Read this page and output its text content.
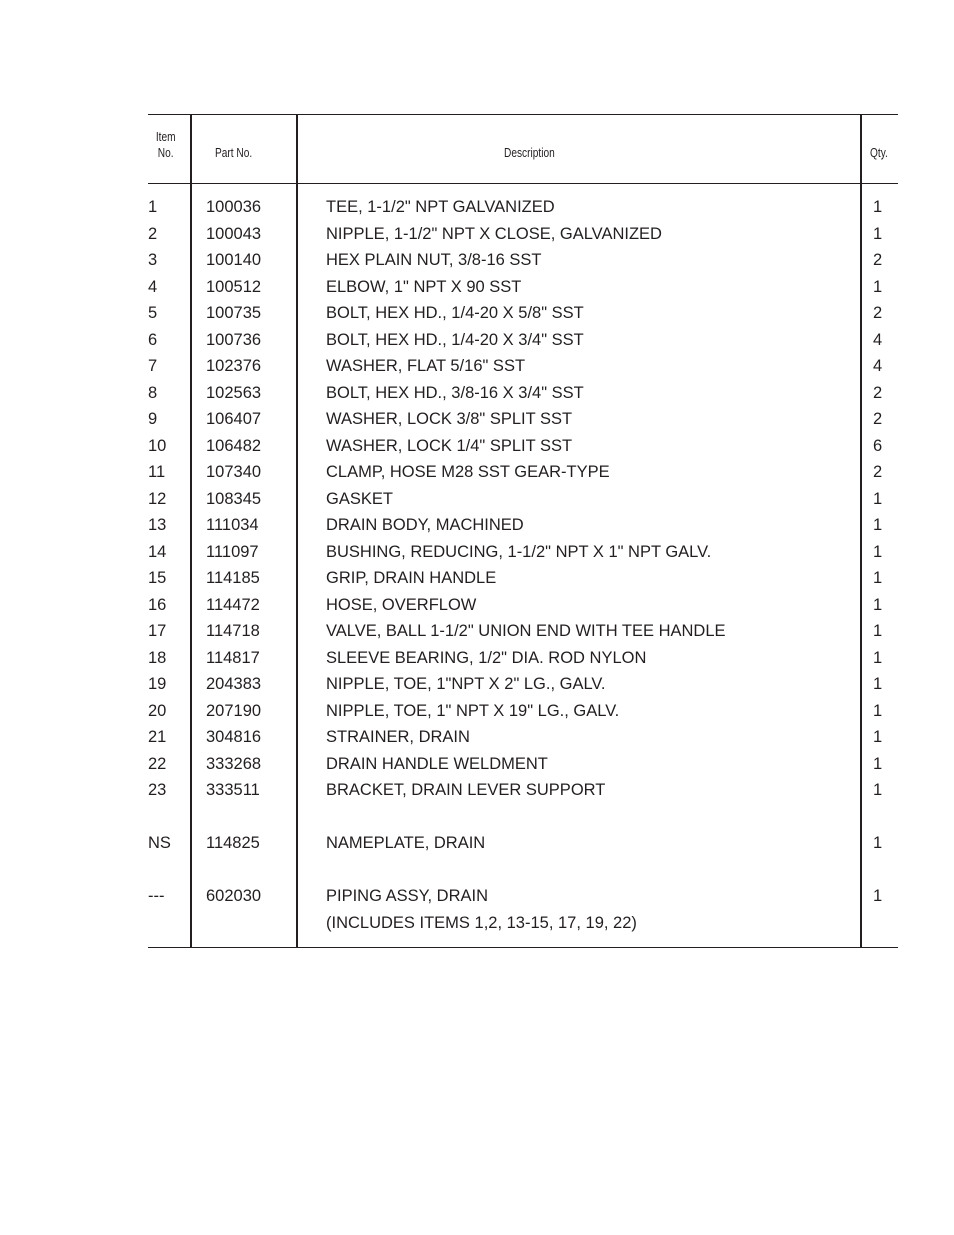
Item
No.	Part No.	Description	Qty.
1	100036	TEE, 1-1/2" NPT GALVANIZED	1
2	100043	NIPPLE, 1-1/2" NPT X CLOSE, GALVANIZED	1
3	100140	HEX PLAIN NUT, 3/8-16 SST	2
4	100512	ELBOW, 1" NPT X 90 SST	1
5	100735	BOLT, HEX HD., 1/4-20 X 5/8" SST	2
6	100736	BOLT, HEX HD., 1/4-20 X 3/4" SST	4
7	102376	WASHER, FLAT 5/16" SST	4
8	102563	BOLT, HEX HD., 3/8-16 X 3/4" SST	2
9	106407	WASHER, LOCK 3/8" SPLIT SST	2
10 106482	WASHER, LOCK 1/4" SPLIT SST	6
11 107340	CLAMP, HOSE M28 SST GEAR-TYPE	2
12 108345	GASKET	1
13 111034	DRAIN BODY, MACHINED	1
14 111097	BUSHING, REDUCING, 1-1/2" NPT X 1" NPT GALV.	1
15 114185	GRIP, DRAIN HANDLE	1
16 114472	HOSE, OVERFLOW	1
17 114718	VALVE, BALL 1-1/2" UNION END WITH TEE HANDLE	1
18 114817	SLEEVE BEARING, 1/2" DIA. ROD NYLON	1
19 204383	NIPPLE, TOE, 1"NPT X 2" LG., GALV.	1
20 207190	NIPPLE, TOE, 1" NPT X 19" LG., GALV.	1
21 304816	STRAINER, DRAIN	1
22 333268	DRAIN HANDLE WELDMENT	1
23 333511	BRACKET, DRAIN LEVER SUPPORT	1
NS 114825	NAMEPLATE, DRAIN	1
---	602030	PIPING ASSY, DRAIN	1
(INCLUDES ITEMS 1,2, 13-15, 17, 19, 22)
